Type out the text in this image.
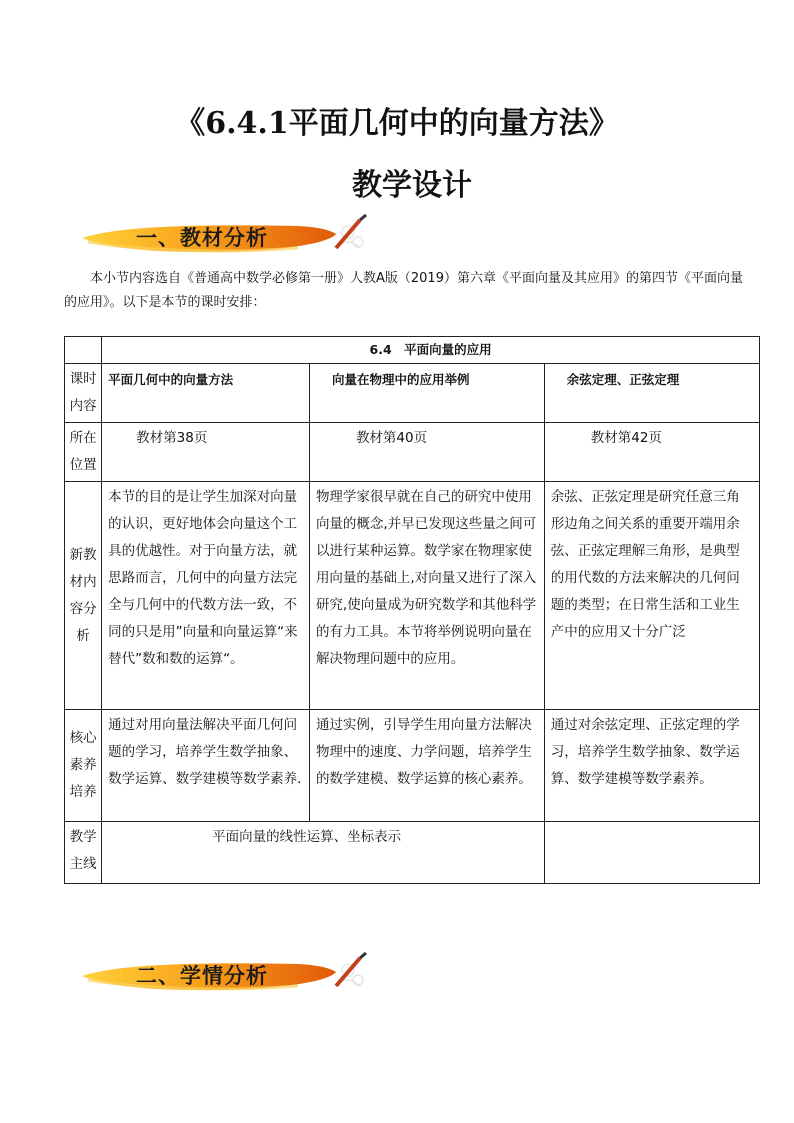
《6.4.1平面几何中的向量方法》
教学设计
一、教材分析
本小节内容选自《普通高中数学必修第一册》人教A版（2019）第六章《平面向量及其应用》的第四节《平面向量的应用》。以下是本节的课时安排：
	6.4　平面向量的应用		
课时内容	平面几何中的向量方法	向量在物理中的应用举例	余弦定理、正弦定理
所在位置	教材第38页	教材第40页	教材第42页
新教材内容分析	本节的目的是让学生加深对向量的认识，更好地体会向量这个工具的优越性。对于向量方法，就思路而言，几何中的向量方法完全与几何中的代数方法一致，不同的只是用”向量和向量运算“来替代”数和数的运算“。	物理学家很早就在自己的研究中使用向量的概念,并早已发现这些量之间可以进行某种运算。数学家在物理家使用向量的基础上,对向量又进行了深入研究,使向量成为研究数学和其他科学的有力工具。本节将举例说明向量在解决物理问题中的应用。	余弦、正弦定理是研究任意三角形边角之间关系的重要开端用余弦、正弦定理解三角形，是典型的用代数的方法来解决的几何问题的类型；在日常生活和工业生产中的应用又十分广泛
核心素养培养	通过对用向量法解决平面几何问题的学习，培养学生数学抽象、数学运算、数学建模等数学素养.	通过实例，引导学生用向量方法解决物理中的速度、力学问题，培养学生的数学建模、数学运算的核心素养。	通过对余弦定理、正弦定理的学习，培养学生数学抽象、数学运算、数学建模等数学素养。
教学主线	平面向量的线性运算、坐标表示		
二、学情分析
